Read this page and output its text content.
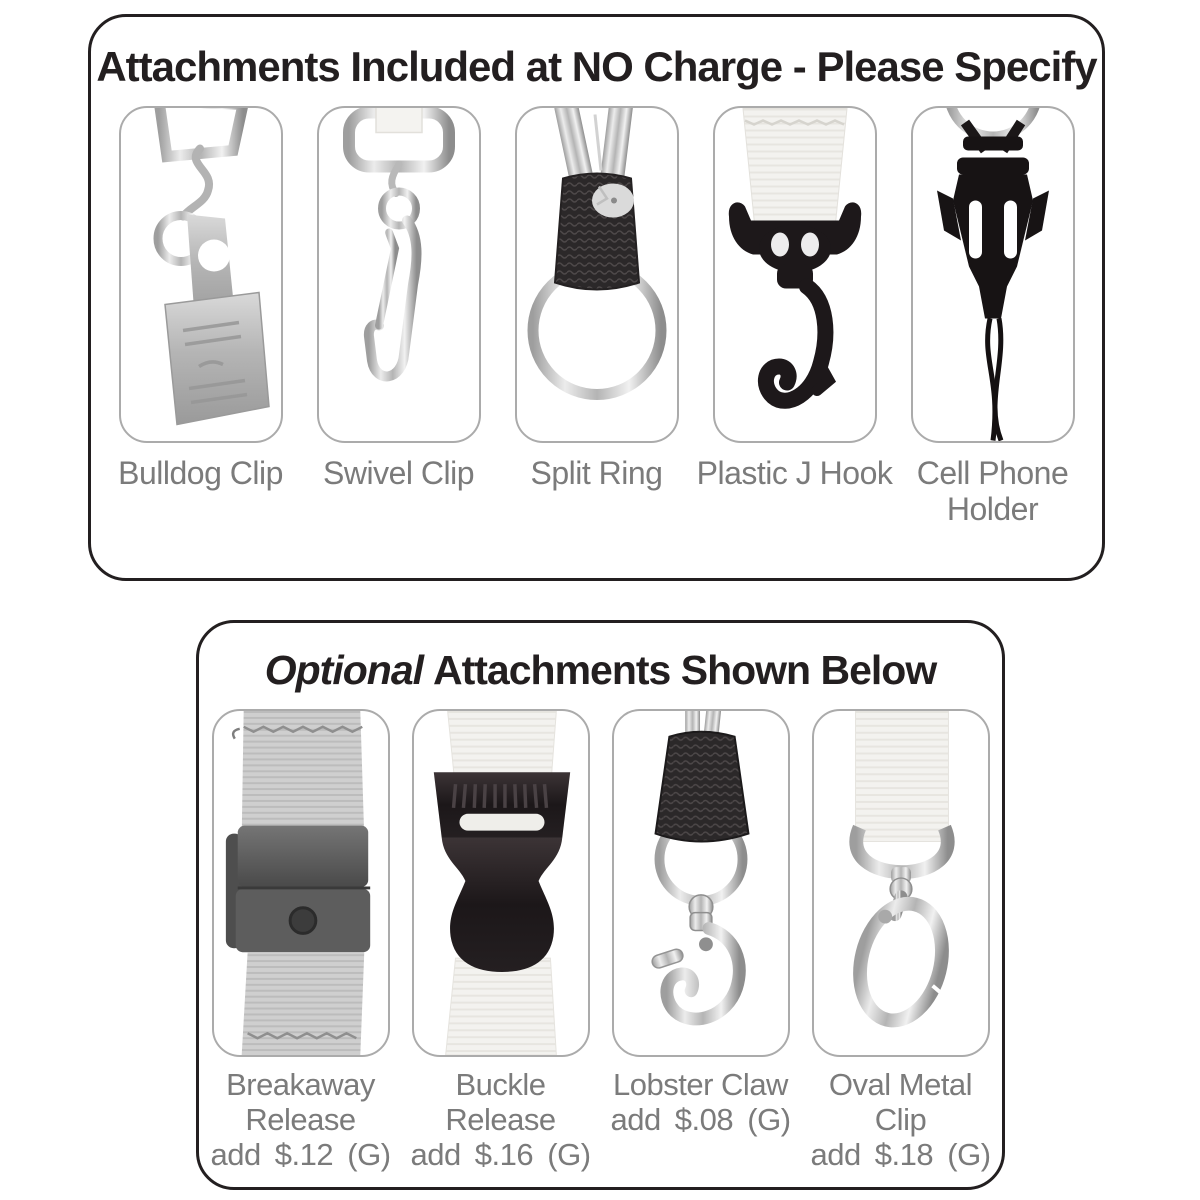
Attachments Included at NO Charge - Please Specify
Bulldog Clip Swivel Clip Split Ring Plastic J Hook Cell Phone Holder
Optional Attachments Shown Below
Breakaway Release
add $.12 (G)
Buckle Release
add $.16 (G)
Lobster Claw
add $.08 (G)
Oval Metal Clip
add $.18 (G)
